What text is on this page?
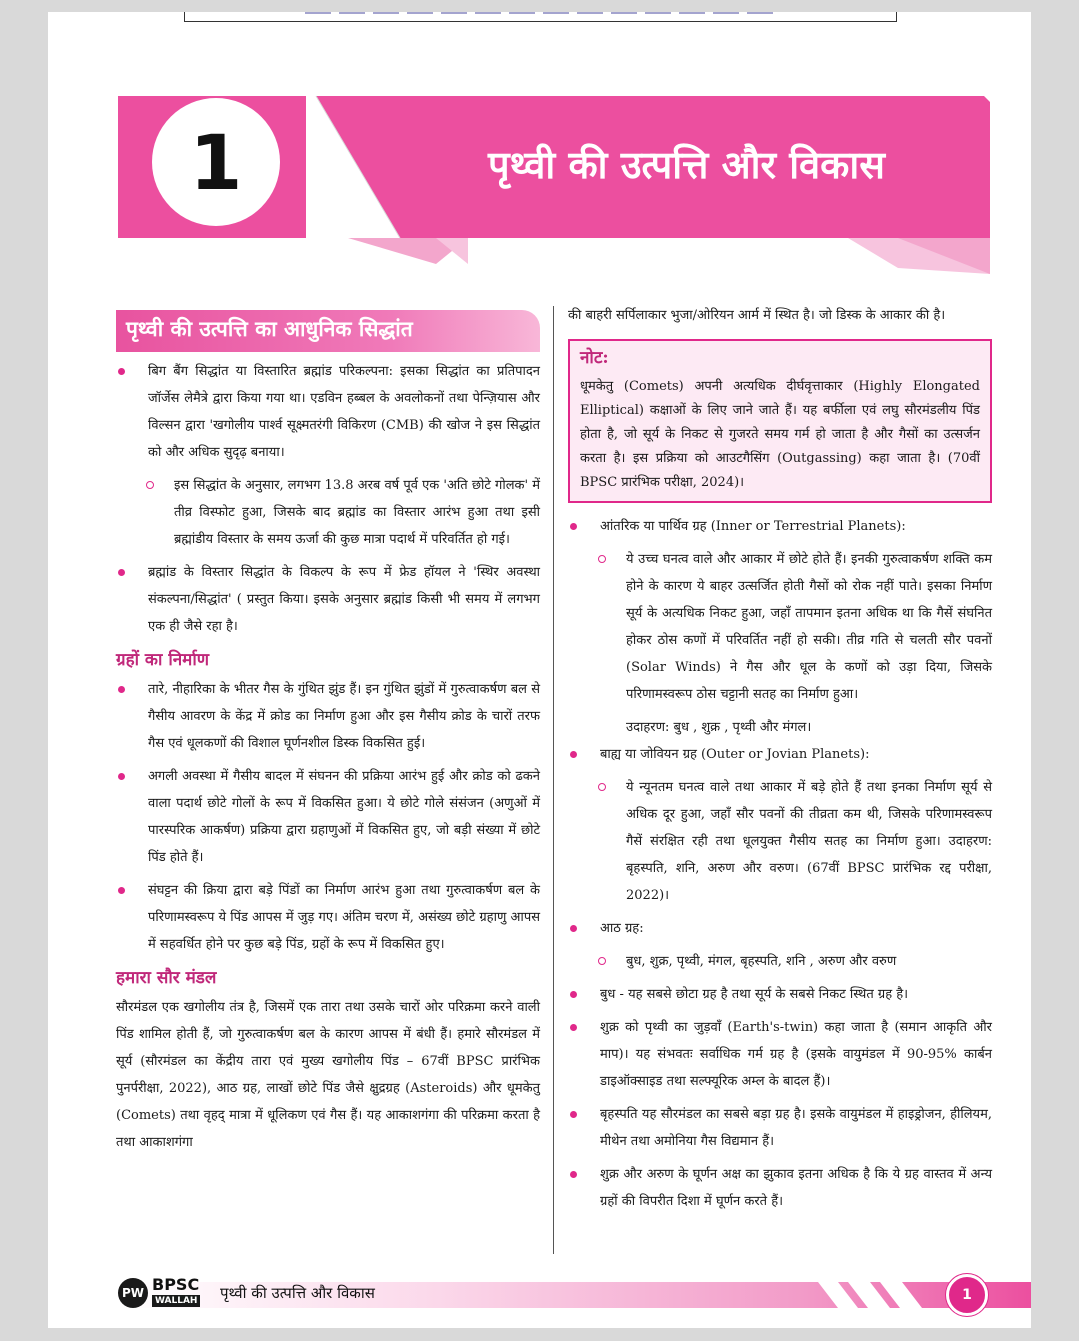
1	पृथ्वी की उत्पत्ति और विकास
पृथ्वी की उत्पत्ति का आधुनिक सिद्धांत
बिग बैंग सिद्धांत या विस्तारित ब्रह्मांड परिकल्पना: इसका सिद्धांत का प्रतिपादन जॉर्जेस लेमैत्रे द्वारा किया गया था। एडविन हब्बल के अवलोकनों तथा पेन्ज़ियास और विल्सन द्वारा 'खगोलीय पार्श्व सूक्ष्मतरंगी विकिरण (CMB) की खोज ने इस सिद्धांत को और अधिक सुदृढ़ बनाया।
इस सिद्धांत के अनुसार, लगभग 13.8 अरब वर्ष पूर्व एक 'अति छोटे गोलक' में तीव्र विस्फोट हुआ, जिसके बाद ब्रह्मांड का विस्तार आरंभ हुआ तथा इसी ब्रह्मांडीय विस्तार के समय ऊर्जा की कुछ मात्रा पदार्थ में परिवर्तित हो गई।
ब्रह्मांड के विस्तार सिद्धांत के विकल्प के रूप में फ्रेड हॉयल ने 'स्थिर अवस्था संकल्पना/सिद्धांत' ( प्रस्तुत किया। इसके अनुसार ब्रह्मांड किसी भी समय में लगभग एक ही जैसे रहा है।
ग्रहों का निर्माण
तारे, नीहारिका के भीतर गैस के गुंथित झुंड हैं। इन गुंथित झुंडों में गुरुत्वाकर्षण बल से गैसीय आवरण के केंद्र में क्रोड का निर्माण हुआ और इस गैसीय क्रोड के चारों तरफ गैस एवं धूलकणों की विशाल घूर्णनशील डिस्क विकसित हुई।
अगली अवस्था में गैसीय बादल में संघनन की प्रक्रिया आरंभ हुई और क्रोड को ढकने वाला पदार्थ छोटे गोलों के रूप में विकसित हुआ। ये छोटे गोले संसंजन (अणुओं में पारस्परिक आकर्षण) प्रक्रिया द्वारा ग्रहाणुओं में विकसित हुए, जो बड़ी संख्या में छोटे पिंड होते हैं।
संघट्टन की क्रिया द्वारा बड़े पिंडों का निर्माण आरंभ हुआ तथा गुरुत्वाकर्षण बल के परिणामस्वरूप ये पिंड आपस में जुड़ गए। अंतिम चरण में, असंख्य छोटे ग्रहाणु आपस में सहवर्धित होने पर कुछ बड़े पिंड, ग्रहों के रूप में विकसित हुए।
हमारा सौर मंडल
सौरमंडल एक खगोलीय तंत्र है, जिसमें एक तारा तथा उसके चारों ओर परिक्रमा करने वाली पिंड शामिल होती हैं, जो गुरुत्वाकर्षण बल के कारण आपस में बंधी हैं। हमारे सौरमंडल में सूर्य (सौरमंडल का केंद्रीय तारा एवं मुख्य खगोलीय पिंड – 67वीं BPSC प्रारंभिक पुनर्परीक्षा, 2022), आठ ग्रह, लाखों छोटे पिंड जैसे क्षुद्रग्रह (Asteroids) और धूमकेतु (Comets) तथा वृहद् मात्रा में धूलिकण एवं गैस हैं। यह आकाशगंगा की परिक्रमा करता है तथा आकाशगंगा
की बाहरी सर्पिलाकार भुजा/ओरियन आर्म में स्थित है। जो डिस्क के आकार की है।
नोट:
धूमकेतु (Comets) अपनी अत्यधिक दीर्घवृत्ताकार (Highly Elongated Elliptical) कक्षाओं के लिए जाने जाते हैं। यह बर्फीला एवं लघु सौरमंडलीय पिंड होता है, जो सूर्य के निकट से गुजरते समय गर्म हो जाता है और गैसों का उत्सर्जन करता है। इस प्रक्रिया को आउटगैसिंग (Outgassing) कहा जाता है। (70वीं BPSC प्रारंभिक परीक्षा, 2024)।
आंतरिक या पार्थिव ग्रह (Inner or Terrestrial Planets):
ये उच्च घनत्व वाले और आकार में छोटे होते हैं। इनकी गुरुत्वाकर्षण शक्ति कम होने के कारण ये बाहर उत्सर्जित होती गैसों को रोक नहीं पाते। इसका निर्माण सूर्य के अत्यधिक निकट हुआ, जहाँ तापमान इतना अधिक था कि गैसें संघनित होकर ठोस कणों में परिवर्तित नहीं हो सकी। तीव्र गति से चलती सौर पवनों (Solar Winds) ने गैस और धूल के कणों को उड़ा दिया, जिसके परिणामस्वरूप ठोस चट्टानी सतह का निर्माण हुआ।
उदाहरण: बुध , शुक्र , पृथ्वी और मंगल।
बाह्य या जोवियन ग्रह (Outer or Jovian Planets):
ये न्यूनतम घनत्व वाले तथा आकार में बड़े होते हैं तथा इनका निर्माण सूर्य से अधिक दूर हुआ, जहाँ सौर पवनों की तीव्रता कम थी, जिसके परिणामस्वरूप गैसें संरक्षित रही तथा धूलयुक्त गैसीय सतह का निर्माण हुआ। उदाहरण: बृहस्पति, शनि, अरुण और वरुण। (67वीं BPSC प्रारंभिक रद्द परीक्षा, 2022)।
आठ ग्रह:
बुध, शुक्र, पृथ्वी, मंगल, बृहस्पति, शनि , अरुण और वरुण
बुध - यह सबसे छोटा ग्रह है तथा सूर्य के सबसे निकट स्थित ग्रह है।
शुक्र को पृथ्वी का जुड़वाँ (Earth's-twin) कहा जाता है (समान आकृति और माप)। यह संभवतः सर्वाधिक गर्म ग्रह है (इसके वायुमंडल में 90-95% कार्बन डाइऑक्साइड तथा सल्फ्यूरिक अम्ल के बादल हैं)।
बृहस्पति यह सौरमंडल का सबसे बड़ा ग्रह है। इसके वायुमंडल में हाइड्रोजन, हीलियम, मीथेन तथा अमोनिया गैस विद्यमान हैं।
शुक्र और अरुण के घूर्णन अक्ष का झुकाव इतना अधिक है कि ये ग्रह वास्तव में अन्य ग्रहों की विपरीत दिशा में घूर्णन करते हैं।
PW BPSC
WALLAH पृथ्वी की उत्पत्ति और विकास	1
